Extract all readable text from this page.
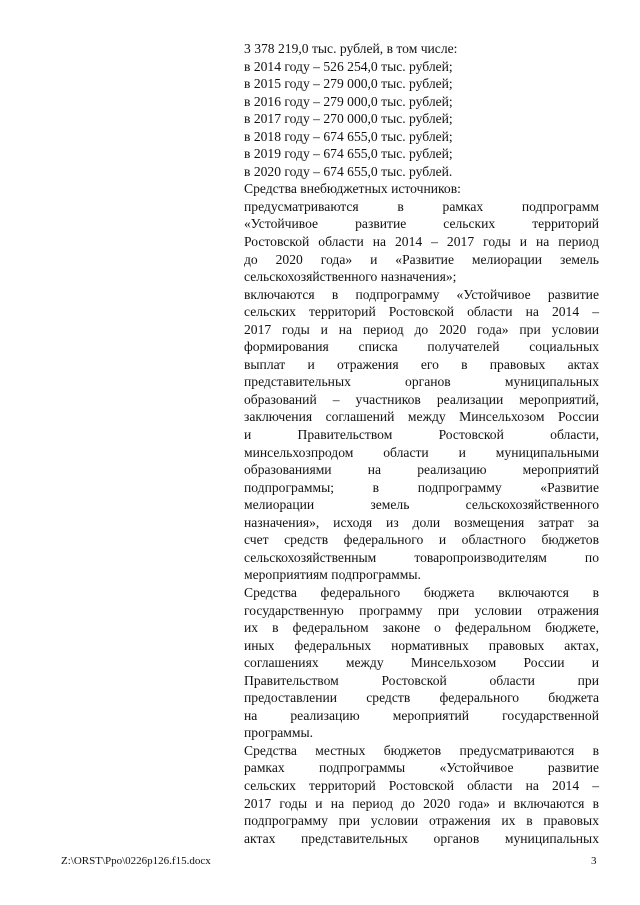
3 378 219,0 тыс. рублей, в том числе:
в 2014 году – 526 254,0 тыс. рублей;
в 2015 году – 279 000,0 тыс. рублей;
в 2016 году – 279 000,0 тыс. рублей;
в 2017 году – 270 000,0 тыс. рублей;
в 2018 году – 674 655,0 тыс. рублей;
в 2019 году – 674 655,0 тыс. рублей;
в 2020 году – 674 655,0 тыс. рублей.
Средства внебюджетных источников:
предусматриваются в рамках подпрограмм
«Устойчивое развитие сельских территорий
Ростовской области на 2014 – 2017 годы и на период
до 2020 года» и «Развитие мелиорации земель
сельскохозяйственного назначения»;
включаются в подпрограмму «Устойчивое развитие
сельских территорий Ростовской области на 2014 –
2017 годы и на период до 2020 года» при условии
формирования списка получателей социальных
выплат и отражения его в правовых актах
представительных органов муниципальных
образований – участников реализации мероприятий,
заключения соглашений между Минсельхозом России
и Правительством Ростовской области,
минсельхозпродом области и муниципальными
образованиями на реализацию мероприятий
подпрограммы; в подпрограмму «Развитие
мелиорации земель сельскохозяйственного
назначения», исходя из доли возмещения затрат за
счет средств федерального и областного бюджетов
сельскохозяйственным товаропроизводителям по
мероприятиям подпрограммы.
Средства федерального бюджета включаются в
государственную программу при условии отражения
их в федеральном законе о федеральном бюджете,
иных федеральных нормативных правовых актах,
соглашениях между Минсельхозом России и
Правительством Ростовской области при
предоставлении средств федерального бюджета
на реализацию мероприятий государственной
программы.
Средства местных бюджетов предусматриваются в
рамках подпрограммы «Устойчивое развитие
сельских территорий Ростовской области на 2014 –
2017 годы и на период до 2020 года» и включаются в
подпрограмму при условии отражения их в правовых
актах представительных органов муниципальных
Z:\ORST\Ppo\0226p126.f15.docx	3
